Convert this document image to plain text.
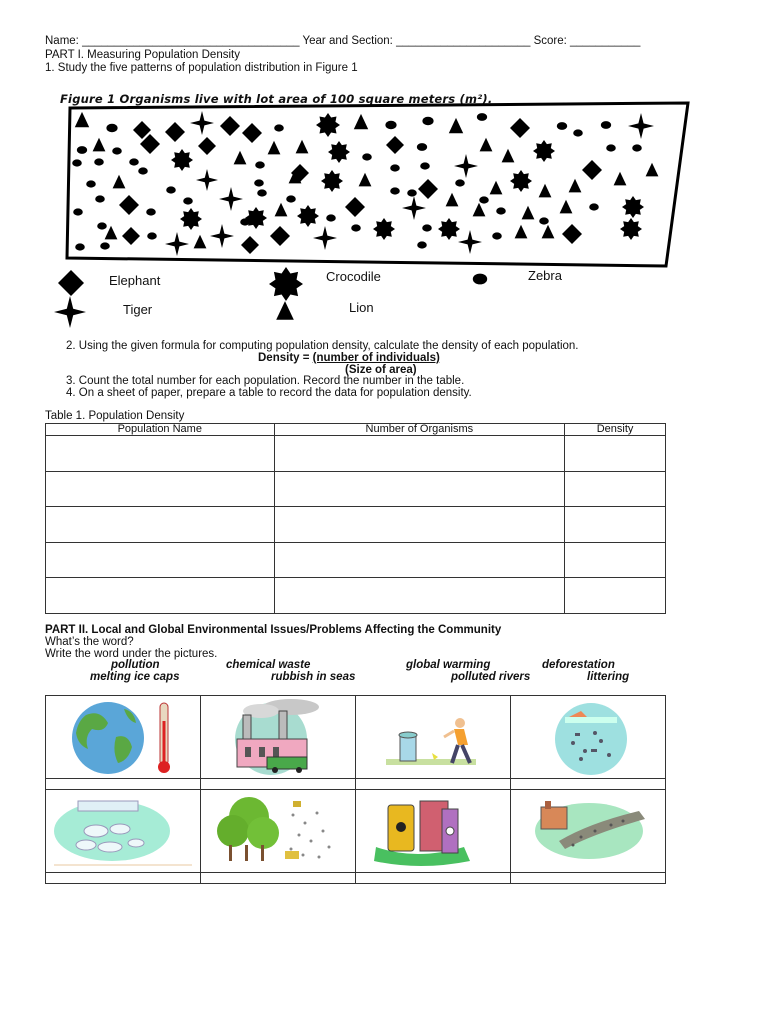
Name: __________________________________ Year and Section: _____________________ Score: ___________
PART I. Measuring Population Density
1. Study the five patterns of population distribution in Figure 1
Figure 1 Organisms live with lot area of 100 square meters (m²).
Elephant	Crocodile	Zebra
Tiger	Lion
2. Using the given formula for computing population density, calculate the density of each population.
Density = (number of individuals)
(Size of area)
3. Count the total number for each population. Record the number in the table.
4. On a sheet of paper, prepare a table to record the data for population density.
Table 1. Population Density
Population Name	Number of Organisms	Density

PART II. Local and Global Environmental Issues/Problems Affecting the Community
What’s the word?
Write the word under the pictures.
pollution	chemical waste	global warming	deforestation
melting ice caps	rubbish in seas	polluted rivers	littering
